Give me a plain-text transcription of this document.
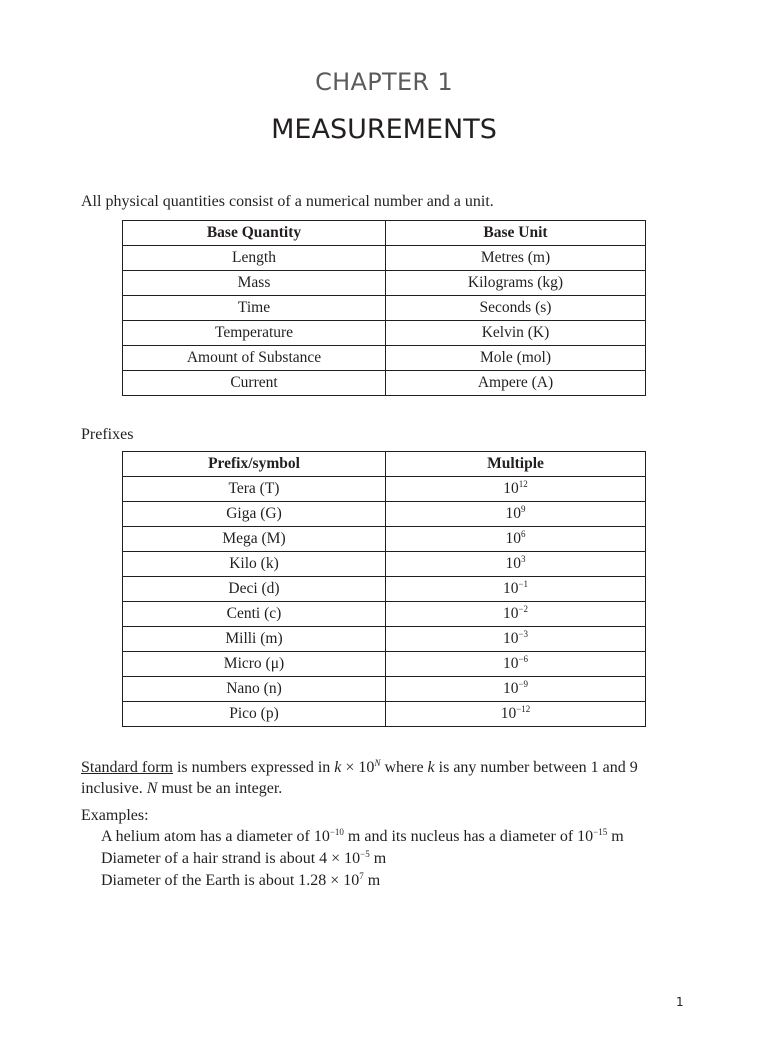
CHAPTER 1
MEASUREMENTS

All physical quantities consist of a numerical number and a unit.

Base Quantity	Base Unit
Length	Metres (m)
Mass	Kilograms (kg)
Time	Seconds (s)
Temperature	Kelvin (K)
Amount of Substance	Mole (mol)
Current	Ampere (A)

Prefixes

Prefix/symbol	Multiple
Tera (T)	$10^{12}$
Giga (G)	$10^9$
Mega (M)	$10^6$
Kilo (k)	$10^3$
Deci (d)	$10^{-1}$
Centi (c)	$10^{-2}$
Milli (m)	$10^{-3}$
Micro (μ)	$10^{-6}$
Nano (n)	$10^{-9}$
Pico (p)	$10^{-12}$

Standard form is numbers expressed in $k \times 10^N$ where k is any number between 1 and 9
inclusive. N must be an integer.

Examples:

A helium atom has a diameter of $10^{-10}$ m and its nucleus has a diameter of $10^{-15}$ m

Diameter of a hair strand is about $4 \times 10^{-5}$ m

Diameter of the Earth is about $1.28 \times 10^7$ m

1
